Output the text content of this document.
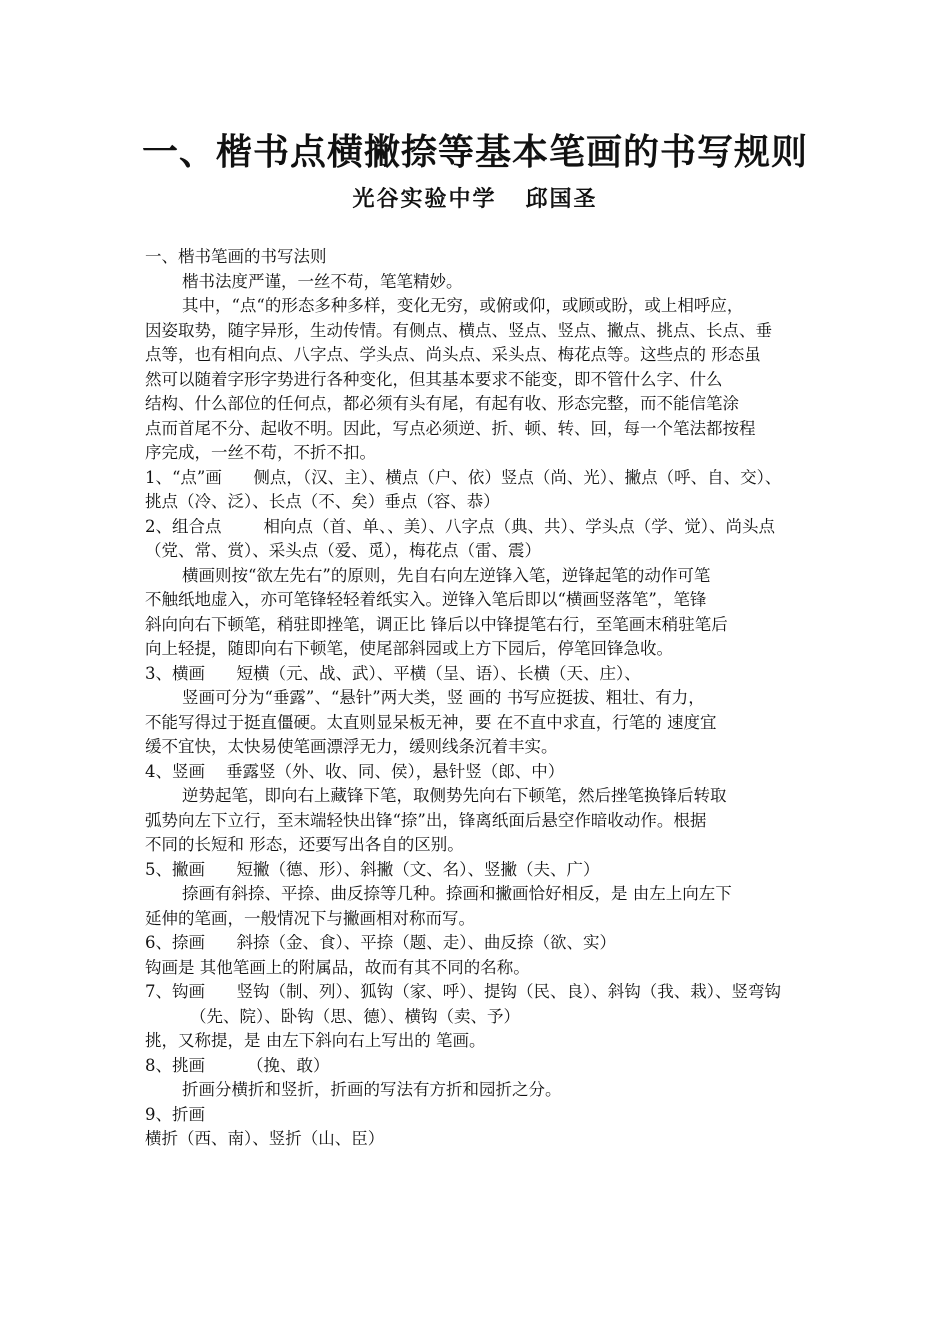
一、楷书点横撇捺等基本笔画的书写规则
光谷实验中学   邱国圣
一、楷书笔画的书写法则
楷书法度严谨，一丝不苟，笔笔精妙。
其中，“点“的形态多种多样，变化无穷，或俯或仰，或顾或盼，或上相呼应，
因姿取势，随字异形，生动传情。有侧点、横点、竖点、竖点、撇点、挑点、长点、垂
点等，也有相向点、八字点、学头点、尚头点、采头点、梅花点等。这些点的 形态虽
然可以随着字形字势进行各种变化，但其基本要求不能变，即不管什么字、什么
结构、什么部位的任何点，都必须有头有尾，有起有收、形态完整，而不能信笔涂
点而首尾不分、起收不明。因此，写点必须逆、折、顿、转、回，每一个笔法都按程
序完成，一丝不苟，不折不扣。
1、“点”画      侧点，（汉、主）、横点（户、依）竖点（尚、光）、撇点（呼、自、交）、
挑点（冷、泛）、长点（不、矣）垂点（容、恭）
2、组合点        相向点（首、单、、美）、八字点（典、共）、学头点（学、觉）、尚头点
（党、常、赏）、采头点（爱、觅），梅花点（雷、震）
横画则按“欲左先右”的原则，先自右向左逆锋入笔，逆锋起笔的动作可笔
不触纸地虚入，亦可笔锋轻轻着纸实入。逆锋入笔后即以“横画竖落笔”，笔锋
斜向向右下顿笔，稍驻即挫笔，调正比 锋后以中锋提笔右行，至笔画末稍驻笔后
向上轻提，随即向右下顿笔，使尾部斜园或上方下园后，停笔回锋急收。
3、横画      短横（元、战、武）、平横（呈、语）、长横（天、庄）、
竖画可分为“垂露”、“悬针”两大类，竖 画的 书写应挺拔、粗壮、有力，
不能写得过于挺直僵硬。太直则显呆板无神，要 在不直中求直，行笔的 速度宜
缓不宜快，太快易使笔画漂浮无力，缓则线条沉着丰实。
4、竖画    垂露竖（外、收、同、侯），悬针竖（郎、中）
逆势起笔，即向右上藏锋下笔，取侧势先向右下顿笔，然后挫笔换锋后转取
弧势向左下立行，至末端轻快出锋“捺”出，锋离纸面后悬空作暗收动作。根据
不同的长短和 形态，还要写出各自的区别。
5、撇画      短撇（德、形）、斜撇（文、名）、竖撇（夫、广）
捺画有斜捺、平捺、曲反捺等几种。捺画和撇画恰好相反，是 由左上向左下
延伸的笔画，一般情况下与撇画相对称而写。
6、捺画      斜捺（金、食）、平捺（题、走）、曲反捺（欲、实）
钩画是 其他笔画上的附属品，故而有其不同的名称。
7、钩画      竖钩（制、列）、狐钩（家、呼）、提钩（民、良）、斜钩（我、栽）、竖弯钩
（先、院）、卧钩（思、德）、横钩（卖、予）
挑，又称提，是 由左下斜向右上写出的 笔画。
8、挑画        （挽、敢）
折画分横折和竖折，折画的写法有方折和园折之分。
9、折画
横折（西、南）、竖折（山、臣）
